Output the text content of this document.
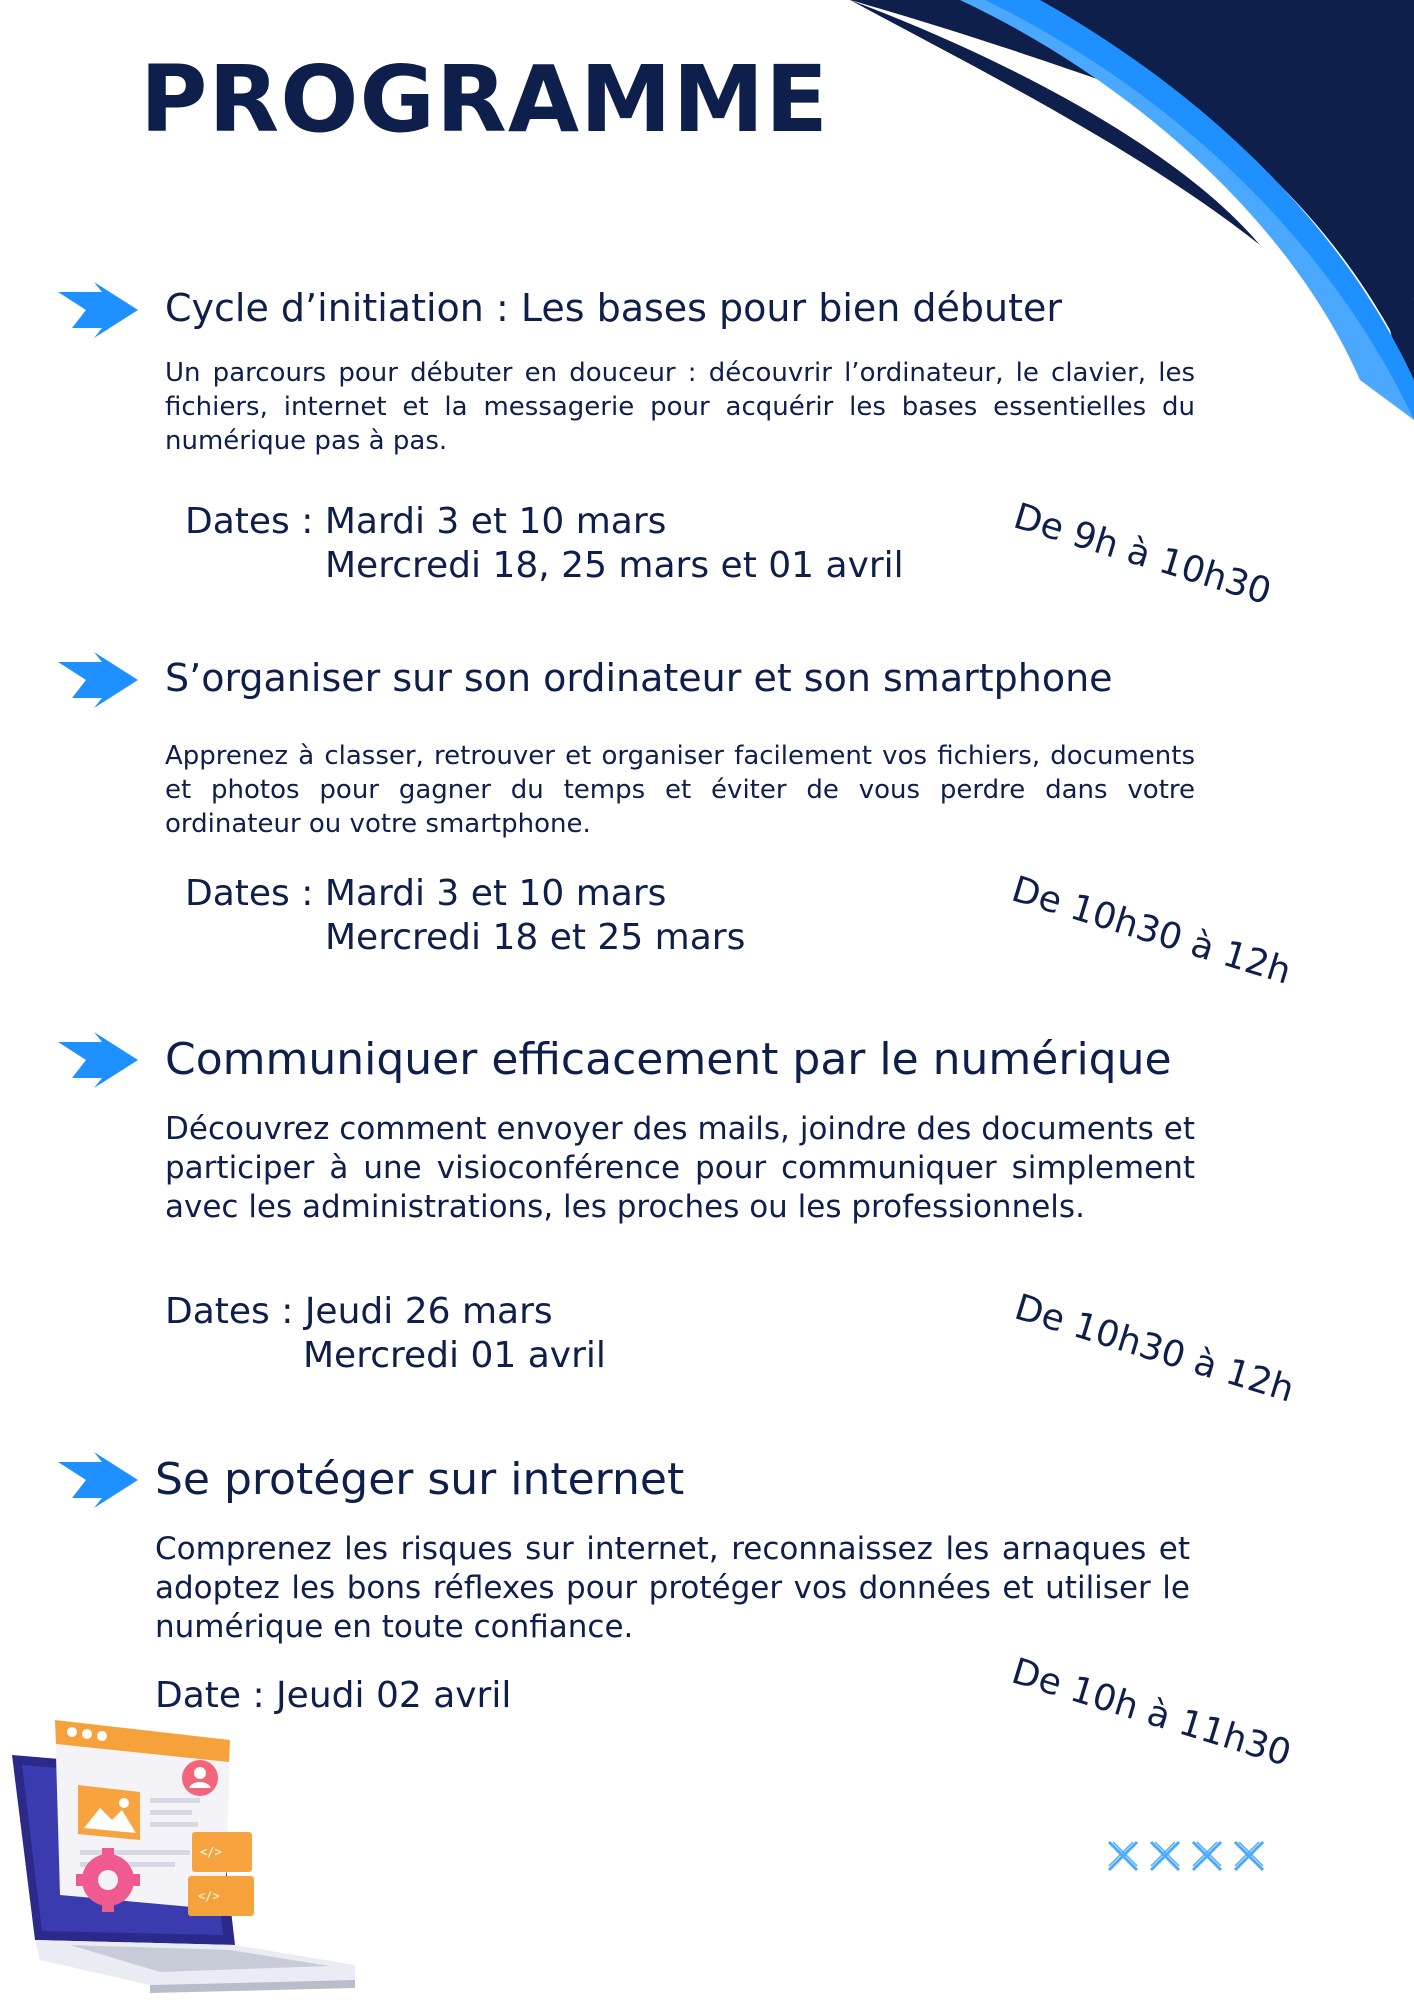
PROGRAMME
Cycle d’initiation : Les bases pour bien débuter

Un parcours pour débuter en douceur : découvrir l’ordinateur, le clavier, les fichiers, internet et la messagerie pour acquérir les bases essentielles du numérique pas à pas.

Dates : Mardi 3 et 10 mars
Mercredi 18, 25 mars et 01 avril	De 9h à 10h30
S’organiser sur son ordinateur et son smartphone

Apprenez à classer, retrouver et organiser facilement vos fichiers, documents et photos pour gagner du temps et éviter de vous perdre dans votre ordinateur ou votre smartphone.

Dates : Mardi 3 et 10 mars
Mercredi 18 et 25 mars	De 10h30 à 12h
Communiquer efficacement par le numérique

Découvrez comment envoyer des mails, joindre des documents et participer à une visioconférence pour communiquer simplement avec les administrations, les proches ou les professionnels.

Dates : Jeudi 26 mars
Mercredi 01 avril	De 10h30 à 12h
Se protéger sur internet

Comprenez les risques sur internet, reconnaissez les arnaques et adoptez les bons réflexes pour protéger vos données et utiliser le numérique en toute confiance.

Date : Jeudi 02 avril	De 10h à 11h30
</>
</>
